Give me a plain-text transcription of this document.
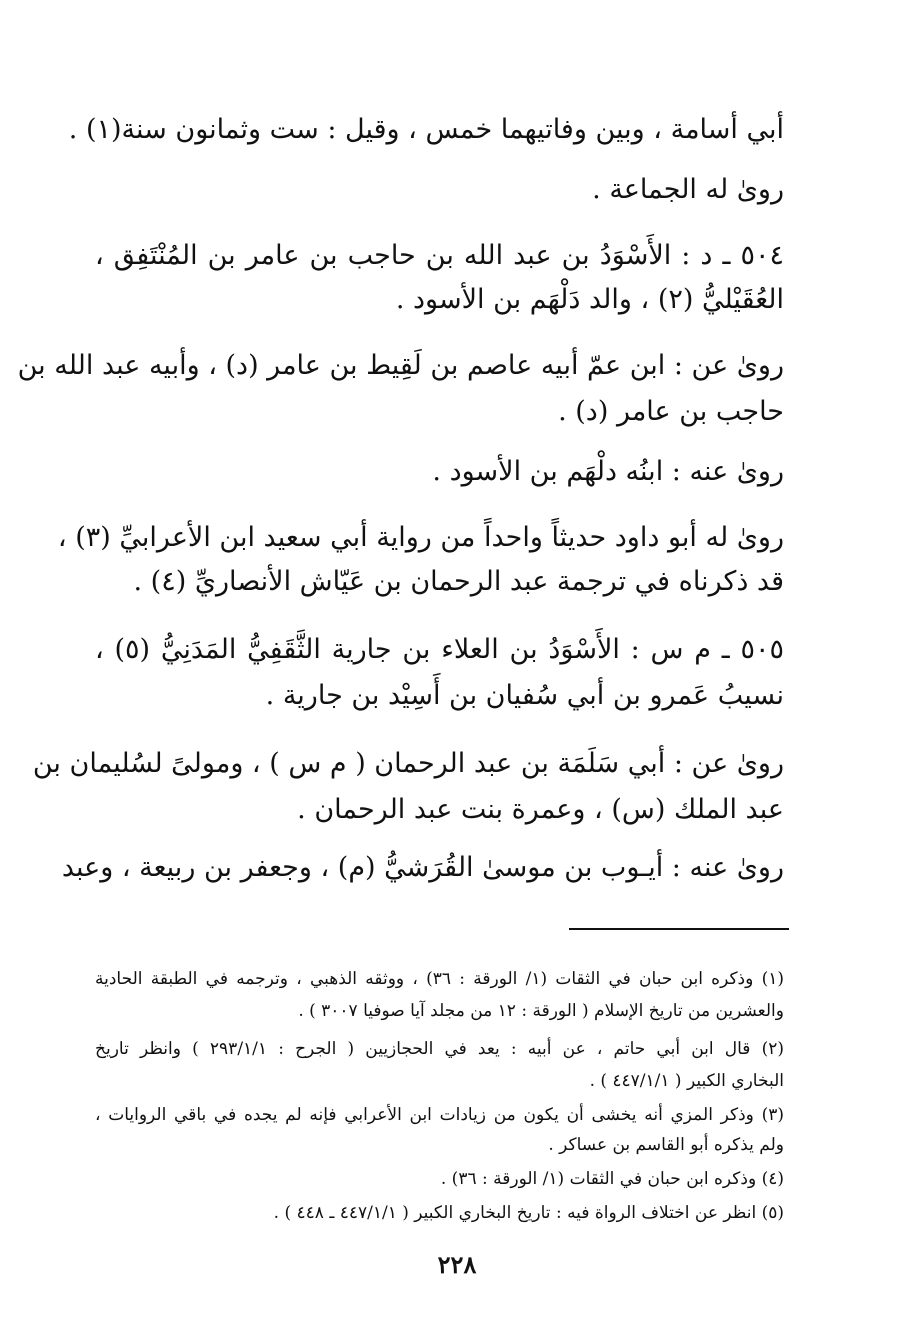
أبي أسامة ، وبين وفاتيهما خمس ، وقيل : ست وثمانون سنة(١) .
روىٰ له الجماعة .
٥٠٤ ـ د : الأَسْوَدُ بن عبد الله بن حاجب بن عامر بن المُنْتَفِق ،
العُقَيْليُّ (٢) ، والد دَلْهَم بن الأسود .
روىٰ عن : ابن عمّ أبيه عاصم بن لَقِيط بن عامر (د) ، وأبيه عبد الله بن
حاجب بن عامر (د) .
روىٰ عنه : ابنُه دلْهَم بن الأسود .
روىٰ له أبو داود حديثاً واحداً من رواية أبي سعيد ابن الأعرابيِّ (٣) ،
قد ذكرناه في ترجمة عبد الرحمان بن عَيّاش الأنصاريِّ (٤) .
٥٠٥ ـ م س : الأَسْوَدُ بن العلاء بن جارية الثَّقَفِيُّ المَدَنِيُّ (٥) ،
نسيبُ عَمرو بن أبي سُفيان بن أَسِيْد بن جارية .
روىٰ عن : أبي سَلَمَة بن عبد الرحمان ( م س ) ، ومولىً لسُليمان بن
عبد الملك (س) ، وعمرة بنت عبد الرحمان .
روىٰ عنه : أيـوب بن موسىٰ القُرَشيُّ (م) ، وجعفر بن ربيعة ، وعبد
(١) وذكره ابن حبان في الثقات (١/ الورقة : ٣٦) ، ووثقه الذهبي ، وترجمه في الطبقة الحادية
والعشرين من تاريخ الإسلام ( الورقة : ١٢ من مجلد آيا صوفيا ٣٠٠٧ ) .
(٢) قال ابن أبي حاتم ، عن أبيه : يعد في الحجازيين ( الجرح : ٢٩٣/١/١ ) وانظر تاريخ
البخاري الكبير ( ٤٤٧/١/١ ) .
(٣) وذكر المزي أنه يخشى أن يكون من زيادات ابن الأعرابي فإنه لم يجده في باقي الروايات ،
ولم يذكره أبو القاسم بن عساكر .
(٤) وذكره ابن حبان في الثقات (١/ الورقة : ٣٦) .
(٥) انظر عن اختلاف الرواة فيه : تاريخ البخاري الكبير ( ٤٤٧/١/١ ـ ٤٤٨ ) .
٢٢٨
